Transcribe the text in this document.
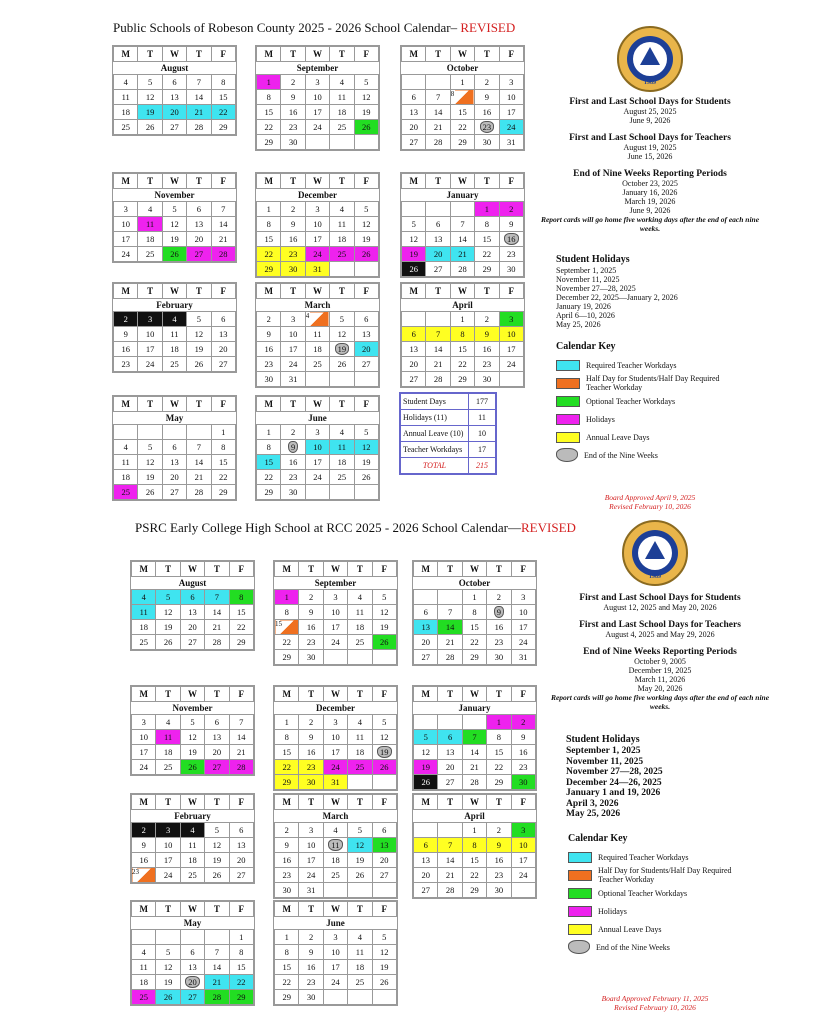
Public Schools of Robeson County 2025 - 2026 School Calendar– REVISED
M	T	W	T	F
August				
4	5	6	7	8
11	12	13	14	15
18	19	20	21	22
25	26	27	28	29
M	T	W	T	F
September				
1	2	3	4	5
8	9	10	11	12
15	16	17	18	19
22	23	24	25	26
29	30			
M	T	W	T	F
October				
		1	2	3
6	7	8	9	10
13	14	15	16	17
20	21	22	23	24
27	28	29	30	31
M	T	W	T	F
November				
3	4	5	6	7
10	11	12	13	14
17	18	19	20	21
24	25	26	27	28
M	T	W	T	F
December				
1	2	3	4	5
8	9	10	11	12
15	16	17	18	19
22	23	24	25	26
29	30	31		
M	T	W	T	F
January				
			1	2
5	6	7	8	9
12	13	14	15	16
19	20	21	22	23
26	27	28	29	30
M	T	W	T	F
February				
2	3	4	5	6
9	10	11	12	13
16	17	18	19	20
23	24	25	26	27
M	T	W	T	F
March				
2	3	4	5	6
9	10	11	12	13
16	17	18	19	20
23	24	25	26	27
30	31			
M	T	W	T	F
April				
		1	2	3
6	7	8	9	10
13	14	15	16	17
20	21	22	23	24
27	28	29	30	
M	T	W	T	F
May				
				1
4	5	6	7	8
11	12	13	14	15
18	19	20	21	22
25	26	27	28	29
M	T	W	T	F
June				
1	2	3	4	5
8	9	10	11	12
15	16	17	18	19
22	23	24	25	26
29	30			
Student Days	177
Holidays (11)	11
Annual Leave (10)	10
Teacher Workdays	17
TOTAL	215
1989
First and Last School Days for Students
August 25, 2025
June 9, 2026
First and Last School Days for Teachers
August 19, 2025
June 15, 2026
End of Nine Weeks Reporting Periods
October 23, 2025
January 16, 2026
March 19, 2026
June 9, 2026
Report cards will go home five working days after the end of each nine weeks.
Student Holidays
September 1, 2025
November 11, 2025
November 27—28, 2025
December 22, 2025—January 2, 2026
January 19, 2026
April 6—10, 2026
May 25, 2026
Calendar Key
Required Teacher Workdays
Half Day for Students/Half Day Required Teacher Workday
Optional Teacher Workdays
Holidays
Annual Leave Days
End of the Nine Weeks
Board Approved April 9, 2025
Revised February 10, 2026
PSRC Early College High School at RCC 2025 - 2026 School Calendar—REVISED
M	T	W	T	F
August				
4	5	6	7	8
11	12	13	14	15
18	19	20	21	22
25	26	27	28	29
M	T	W	T	F
September				
1	2	3	4	5
8	9	10	11	12
15	16	17	18	19
22	23	24	25	26
29	30			
M	T	W	T	F
October				
		1	2	3
6	7	8	9	10
13	14	15	16	17
20	21	22	23	24
27	28	29	30	31
M	T	W	T	F
November				
3	4	5	6	7
10	11	12	13	14
17	18	19	20	21
24	25	26	27	28
M	T	W	T	F
December				
1	2	3	4	5
8	9	10	11	12
15	16	17	18	19
22	23	24	25	26
29	30	31		
M	T	W	T	F
January				
			1	2
5	6	7	8	9
12	13	14	15	16
19	20	21	22	23
26	27	28	29	30
M	T	W	T	F
February				
2	3	4	5	6
9	10	11	12	13
16	17	18	19	20
23	24	25	26	27
M	T	W	T	F
March				
2	3	4	5	6
9	10	11	12	13
16	17	18	19	20
23	24	25	26	27
30	31			
M	T	W	T	F
April				
		1	2	3
6	7	8	9	10
13	14	15	16	17
20	21	22	23	24
27	28	29	30	
M	T	W	T	F
May				
				1
4	5	6	7	8
11	12	13	14	15
18	19	20	21	22
25	26	27	28	29
M	T	W	T	F
June				
1	2	3	4	5
8	9	10	11	12
15	16	17	18	19
22	23	24	25	26
29	30			
1989
First and Last School Days for Students
August 12, 2025 and May 20, 2026
First and Last School Days for Teachers
August 4, 2025 and May 29, 2026
End of Nine Weeks Reporting Periods
October 9, 2005
December 19, 2025
March 11, 2026
May 20, 2026
Report cards will go home five working days after the end of each nine weeks.
Student Holidays
September 1, 2025
November 11, 2025
November 27—28, 2025
December 24—26, 2025
January 1 and 19, 2026
April 3, 2026
May 25, 2026
Calendar Key
Required Teacher Workdays
Half Day for Students/Half Day Required Teacher Workday
Optional Teacher Workdays
Holidays
Annual Leave Days
End of the Nine Weeks
Board Approved February 11, 2025
Revised February 10, 2026
